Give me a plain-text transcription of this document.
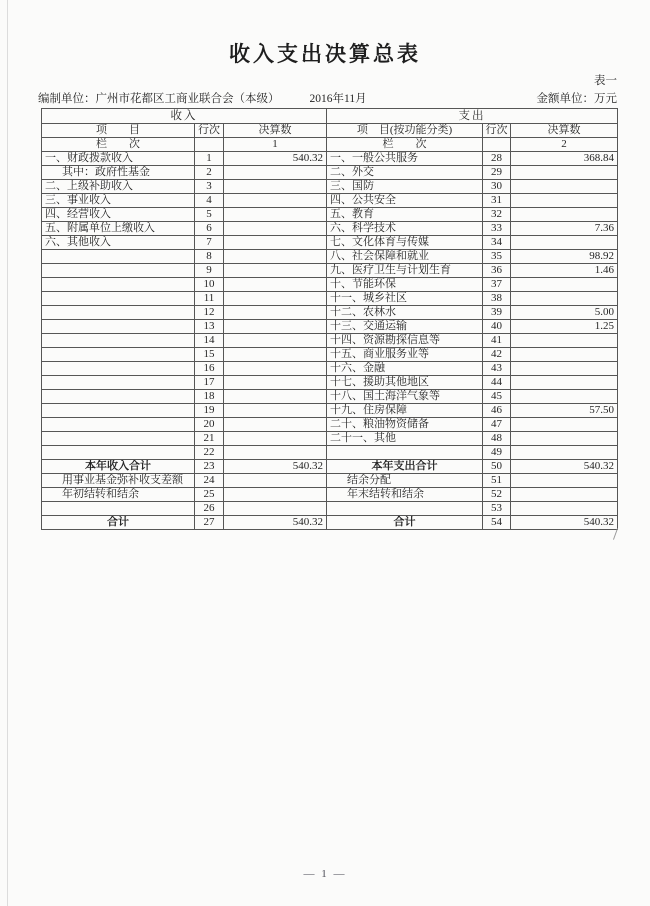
收入支出决算总表
表一
编制单位：广州市花都区工商业联合会（本级）	2016年11月	金额单位：万元
收入			支出		
项　　目	行次	决算数	项　目(按功能分类)	行次	决算数
栏　　次		1	栏　　次		2
一、财政拨款收入	1	540.32	一、一般公共服务	28	368.84
其中：政府性基金	2		二、外交	29	
二、上级补助收入	3		三、国防	30	
三、事业收入	4		四、公共安全	31	
四、经营收入	5		五、教育	32	
五、附属单位上缴收入	6		六、科学技术	33	7.36
六、其他收入	7		七、文化体育与传媒	34	
	8		八、社会保障和就业	35	98.92
	9		九、医疗卫生与计划生育	36	1.46
	10		十、节能环保	37	
	11		十一、城乡社区	38	
	12		十二、农林水	39	5.00
	13		十三、交通运输	40	1.25
	14		十四、资源勘探信息等	41	
	15		十五、商业服务业等	42	
	16		十六、金融	43	
	17		十七、援助其他地区	44	
	18		十八、国土海洋气象等	45	
	19		十九、住房保障	46	57.50
	20		二十、粮油物资储备	47	
	21		二十一、其他	48	
	22			49	
本年收入合计	23	540.32	本年支出合计	50	540.32
用事业基金弥补收支差额	24		结余分配	51	
年初结转和结余	25		年末结转和结余	52	
	26			53	
合计	27	540.32	合计	54	540.32
— 1 —
